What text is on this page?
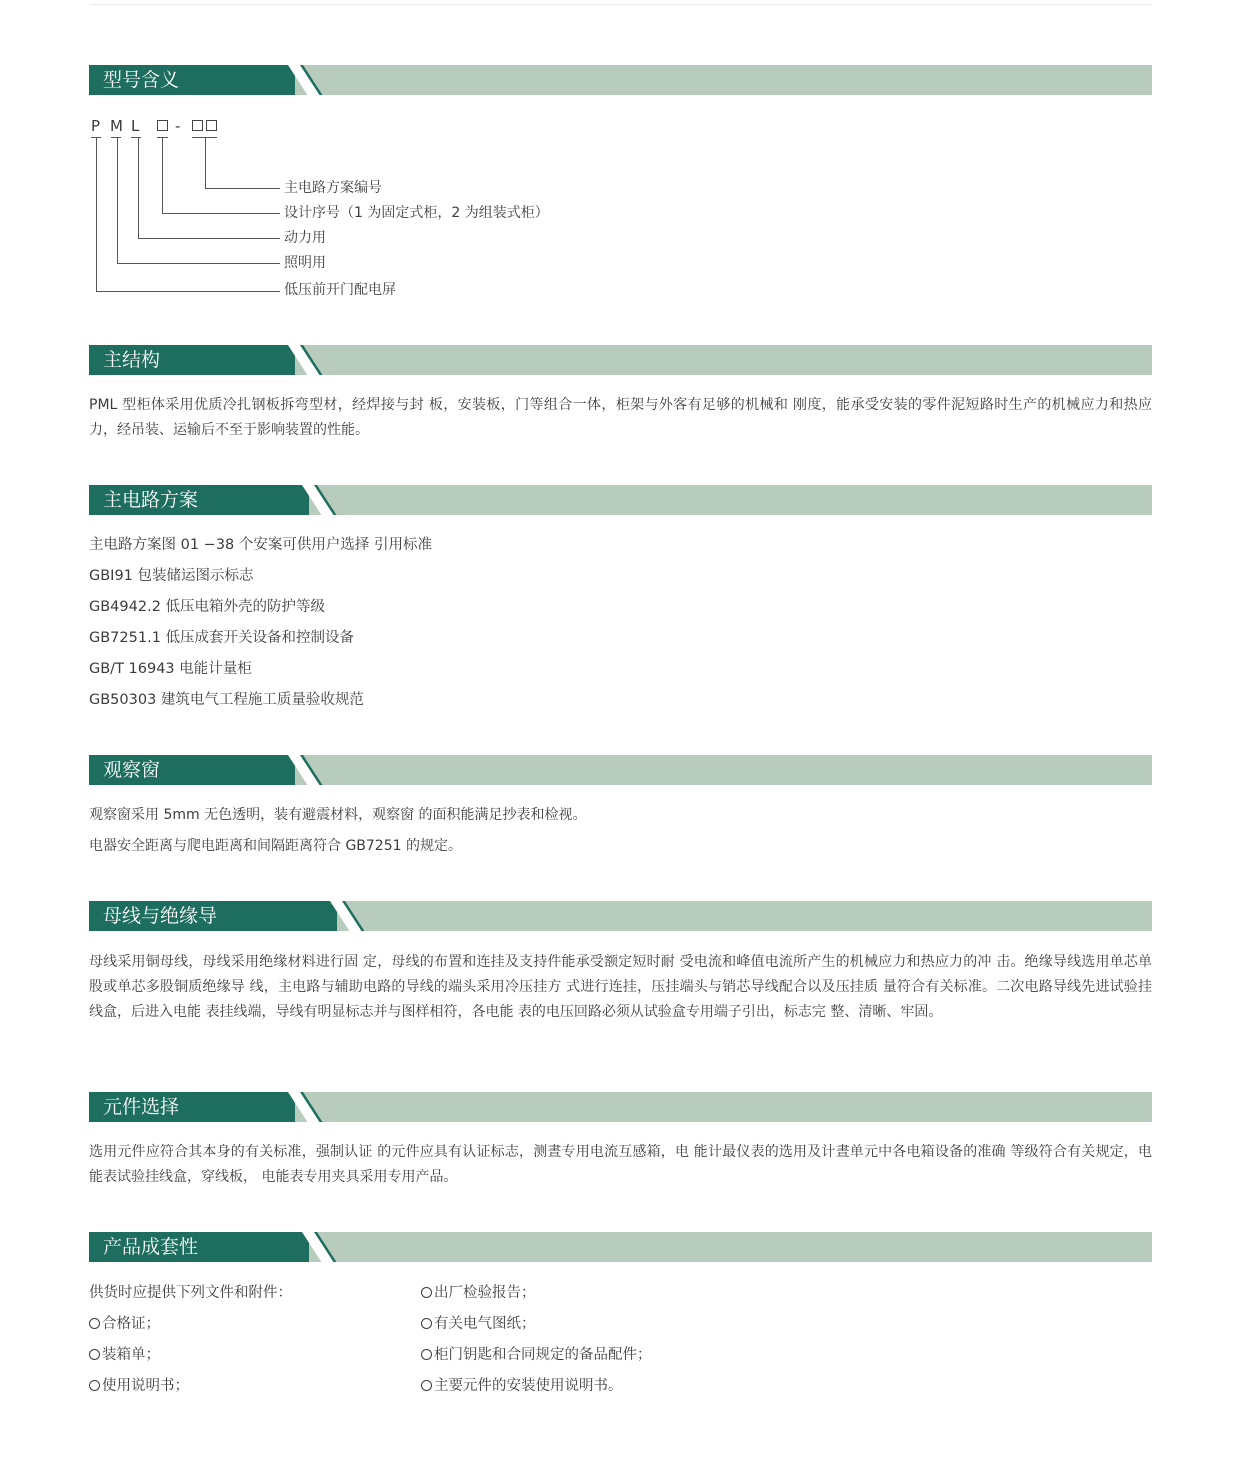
型号含义
P M L -
主电路方案编号
设计序号（1 为固定式柜，2 为组装式柜）
动力用
照明用
低压前开门配电屏
主结构
PML 型柜体采用优质冷扎钢板拆弯型材，经焊接与封 板，安装板，门等组合一体，柜架与外客有足够的机械和 刚度，能承受安装的零件泥短路时生产的机械应力和热应 力，经吊装、运输后不至于影响装置的性能。
主电路方案
主电路方案图 01 −38 个安案可供用户选择 引用标准
GBI91 包装储运图示标志
GB4942.2 低压电箱外壳的防护等级
GB7251.1 低压成套开关设备和控制设备
GB/T 16943 电能计量柜
GB50303 建筑电气工程施工质量验收规范
观察窗
观察窗采用 5mm 无色透明，装有避震材料，观察窗 的面积能满足抄表和检视。
电器安全距离与爬电距离和间隔距离符合 GB7251 的规定。
母线与绝缘导
母线采用铜母线，母线采用绝缘材料进行固 定，母线的布置和连挂及支持件能承受额定短时耐 受电流和峰值电流所产生的机械应力和热应力的冲 击。绝缘导线选用单芯单股或单芯多股铜质绝缘导 线，主电路与辅助电路的导线的端头采用冷压挂方 式进行连挂，压挂端头与销芯导线配合以及压挂质 量符合有关标准。二次电路导线先进试验挂线盒，后进入电能 表挂线端，导线有明显标志并与图样相符，各电能 表的电压回路必须从试验盒专用端子引出，标志完 整、清晰、牢固。
元件选择
选用元件应符合其本身的有关标准，强制认证 的元件应具有认证标志，测晝专用电流互感箱，电 能计最仪表的选用及计晝单元中各电箱设备的准确 等级符合有关规定，电能表试验挂线盒，穿线板， 电能表专用夹具采用专用产品。
产品成套性
供货时应提供下列文件和附件：
合格证；
装箱单；
使用说明书；
出厂检验报告；
有关电气图纸；
柜门钥匙和合同规定的备品配件；
主要元件的安装使用说明书。
